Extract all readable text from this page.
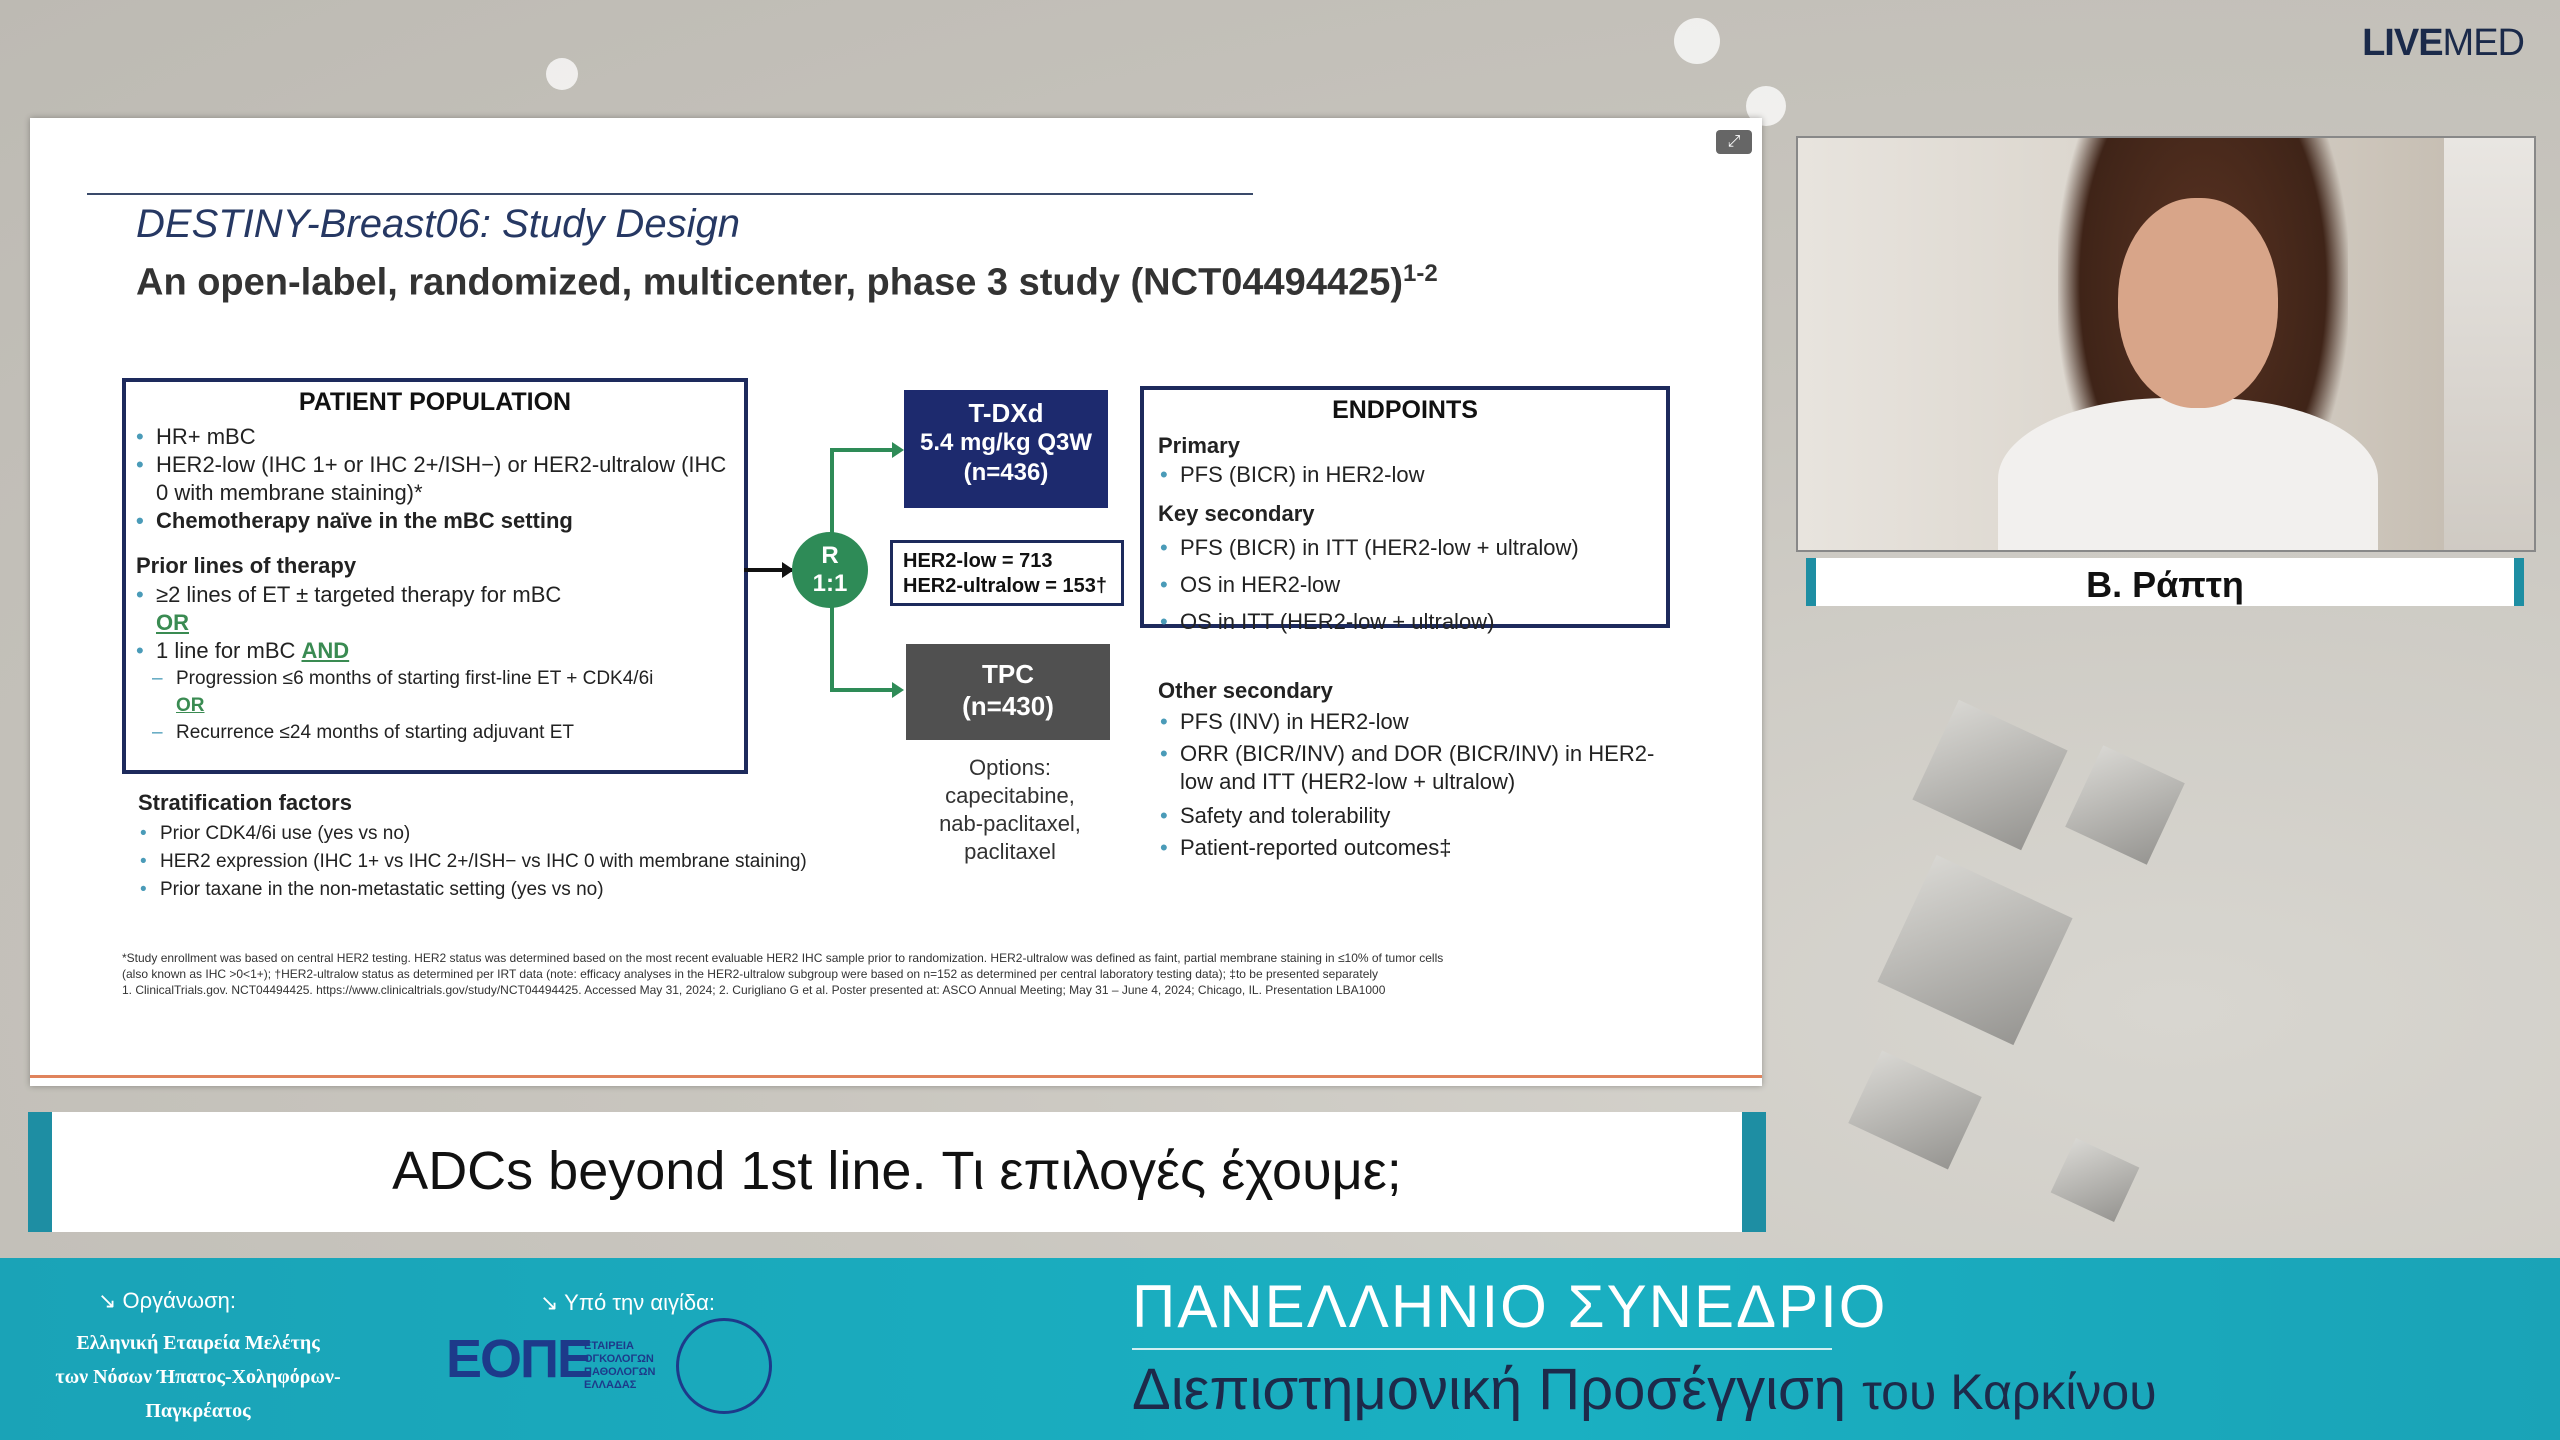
LIVEMED
⤢
DESTINY-Breast06: Study Design
An open-label, randomized, multicenter, phase 3 study $(NCT04494425)^{1-2}$
PATIENT POPULATION
• HR+ mBC
• HER2-low (IHC 1+ or IHC 2+/ISH−) or HER2-ultralow (IHC 0 with membrane staining)*
• Chemotherapy naïve in the mBC setting
Prior lines of therapy
• ≥2 lines of ET ± targeted therapy for mBC
OR
• 1 line for mBC AND
– Progression ≤6 months of starting first-line ET + CDK4/6i
OR
– Recurrence ≤24 months of starting adjuvant ET
R
1:1
T-DXd
5.4 mg/kg Q3W
(n=436)
HER2-low = 713
HER2-ultralow = 153†
TPC
(n=430)
Options:
capecitabine,
nab-paclitaxel,
paclitaxel
Stratification factors
• Prior CDK4/6i use (yes vs no)
• HER2 expression (IHC 1+ vs IHC 2+/ISH− vs IHC 0 with membrane staining)
• Prior taxane in the non-metastatic setting (yes vs no)
ENDPOINTS
Primary
• PFS (BICR) in HER2-low
Key secondary
• PFS (BICR) in ITT (HER2-low + ultralow)
• OS in HER2-low
• OS in ITT (HER2-low + ultralow)
Other secondary
• PFS (INV) in HER2-low
• ORR (BICR/INV) and DOR (BICR/INV) in HER2-low and ITT (HER2-low + ultralow)
• Safety and tolerability
• Patient-reported outcomes‡
*Study enrollment was based on central HER2 testing. HER2 status was determined based on the most recent evaluable HER2 IHC sample prior to randomization. HER2-ultralow was defined as faint, partial membrane staining in ≤10% of tumor cells
(also known as IHC >0<1+); †HER2-ultralow status as determined per IRT data (note: efficacy analyses in the HER2-ultralow subgroup were based on n=152 as determined per central laboratory testing data); ‡to be presented separately
1. ClinicalTrials.gov. NCT04494425. https://www.clinicaltrials.gov/study/NCT04494425. Accessed May 31, 2024; 2. Curigliano G et al. Poster presented at: ASCO Annual Meeting; May 31 – June 4, 2024; Chicago, IL. Presentation LBA1000
ADCs beyond 1st line. Τι επιλογές έχουμε;
Β. Ράπτη
↘ Οργάνωση:
Ελληνική Εταιρεία Μελέτης
των Νόσων Ήπατος-Χοληφόρων-Παγκρέατος
↘ Υπό την αιγίδα:
ΕΟΠΕ
ΕΤΑΙΡΕΙΑ ΟΓΚΟΛΟΓΩΝ ΠΑΘΟΛΟΓΩΝ ΕΛΛΑΔΑΣ
ΠΑΝΕΛΛΗΝΙΟ ΣΥΝΕΔΡΙΟ
Διεπιστημονική Προσέγγιση του Καρκίνου
